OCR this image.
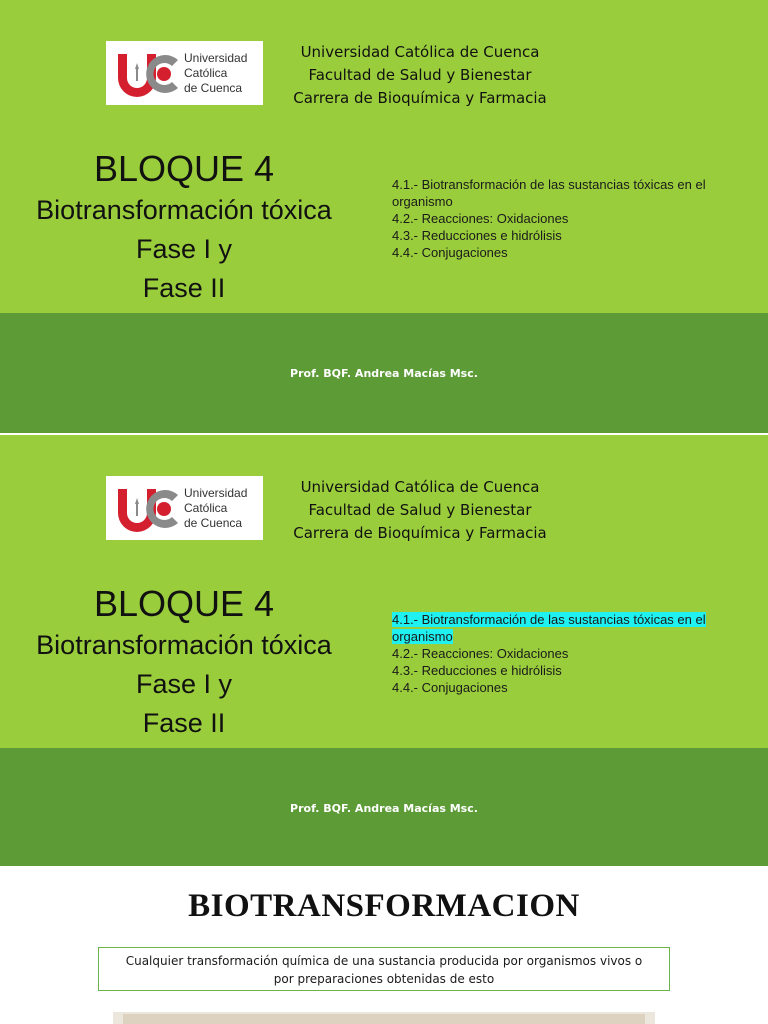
Universidad
Católica
de Cuenca
Universidad Católica de Cuenca
Facultad de Salud y Bienestar
Carrera de Bioquímica y Farmacia
BLOQUE 4
Biotransformación tóxica
Fase I y
Fase II
4.1.- Biotransformación de las sustancias tóxicas en el organismo
4.2.- Reacciones: Oxidaciones
4.3.- Reducciones e hidrólisis
4.4.- Conjugaciones
Prof. BQF. Andrea Macías Msc.
Universidad
Católica
de Cuenca
Universidad Católica de Cuenca
Facultad de Salud y Bienestar
Carrera de Bioquímica y Farmacia
BLOQUE 4
Biotransformación tóxica
Fase I y
Fase II
4.1.- Biotransformación de las sustancias tóxicas en el organismo
4.2.- Reacciones: Oxidaciones
4.3.- Reducciones e hidrólisis
4.4.- Conjugaciones
Prof. BQF. Andrea Macías Msc.
BIOTRANSFORMACION
Cualquier transformación química de una sustancia producida por organismos vivos o
por preparaciones obtenidas de esto
